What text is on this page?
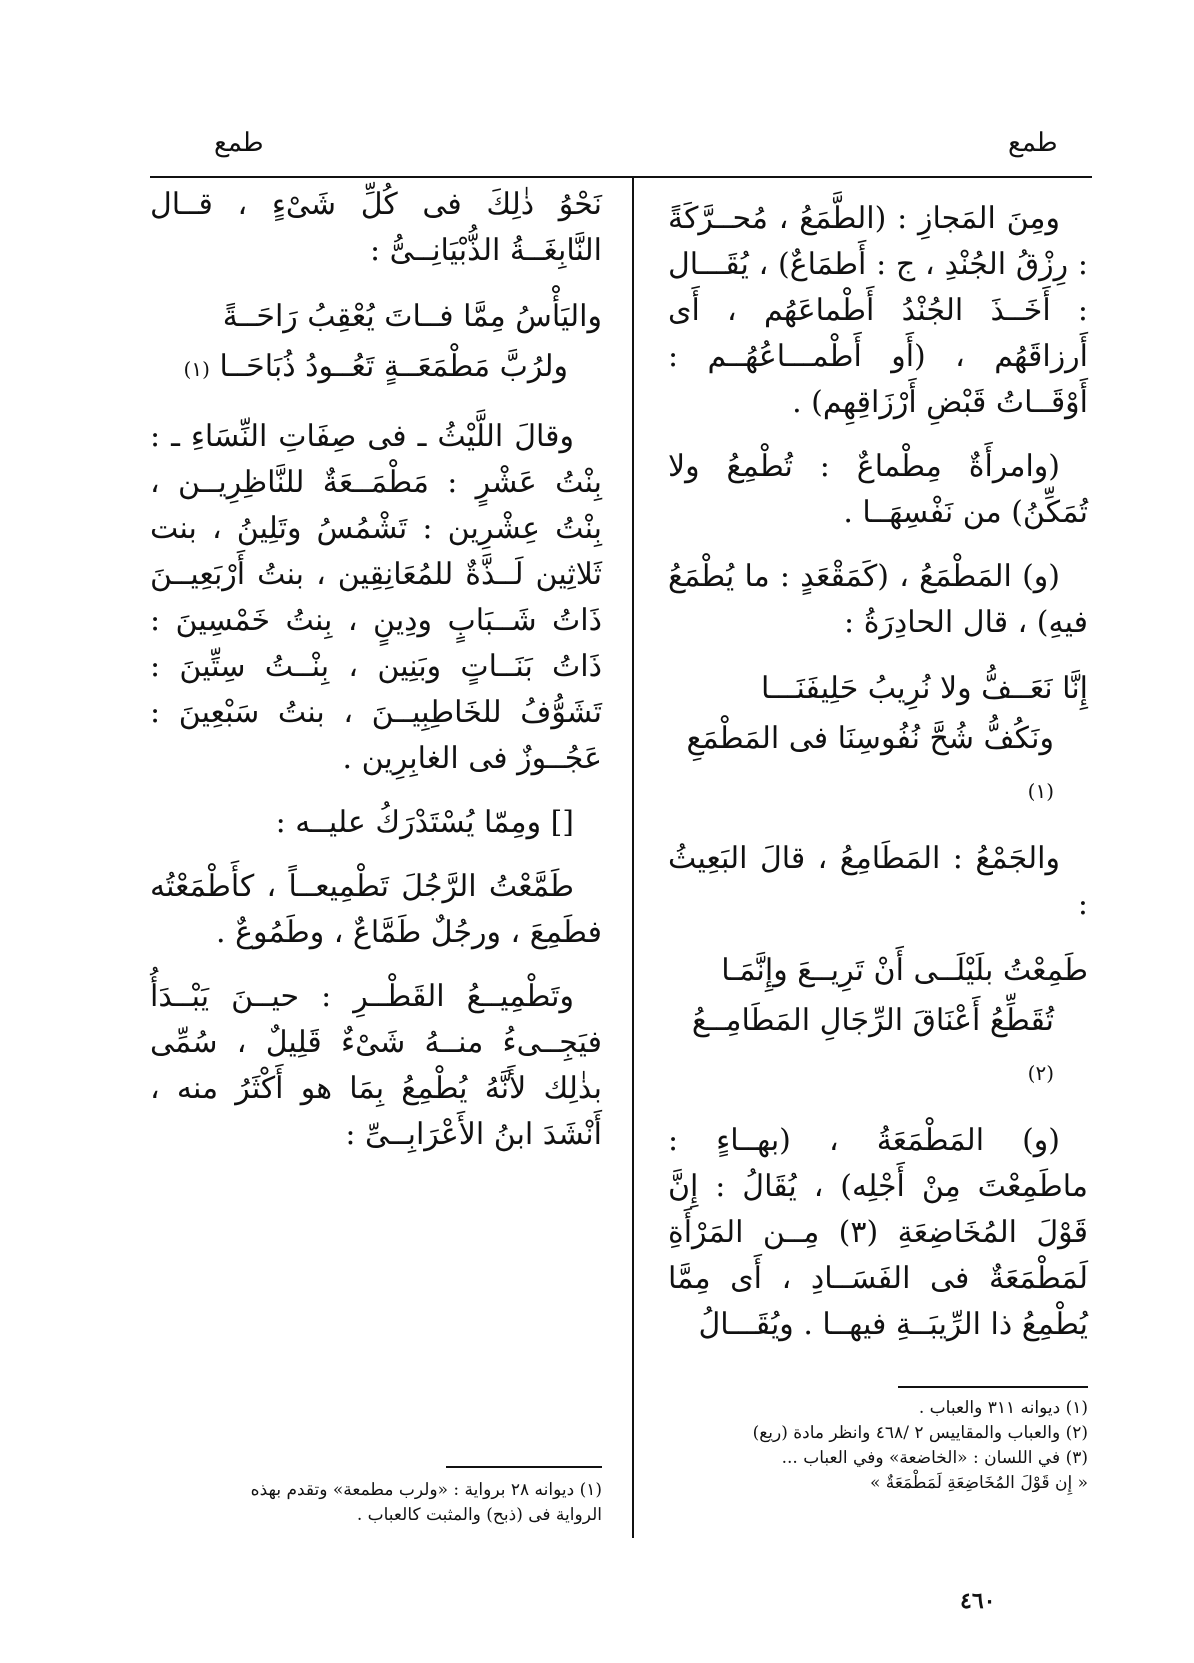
طمع
طمع

ومِنَ المَجازِ : (الطَّمَعُ ، مُحــرَّكَةً : رِزْقُ الجُنْدِ ، ج : أَطمَاعٌ) ، يُقَـــال : أَخَــذَ الجُنْدُ أَطْماعَهُم ، أَى أَرزاقَهُم ، (أَو أَطْمـــاعُهُــم : أَوْقَــاتُ قَبْضِ أَرْزَاقِهِم) .

(وامرأَةٌ مِطْماعٌ : تُطْمِعُ ولا تُمَكِّنُ) من نَفْسِهَــا .

(و) المَطْمَعُ ، (كَمَقْعَدٍ : ما يُطْمَعُ فيهِ) ، قال الحادِرَةُ :

إِنَّا نَعَــفُّ ولا نُرِيبُ حَلِيفَنَـــا
ونَكُفُّ شُحَّ نُفُوسِنَا فى المَطْمَعِ (١)

والجَمْعُ : المَطَامِعُ ، قالَ البَعِيثُ :

طَمِعْتُ بلَيْلَــى أَنْ تَرِيــعَ وإِنَّمَـا
تُقَطِّعُ أَعْنَاقَ الرِّجَالِ المَطَامِــعُ (٢)

(و) المَطْمَعَةُ ، (بهــاءٍ : ماطَمِعْتَ مِنْ أَجْلِه) ، يُقَالُ : إِنَّ قَوْلَ المُخَاضِعَةِ (٣) مِــن المَرْأَةِ لَمَطْمَعَةٌ فى الفَسَــادِ ، أَى مِمَّا يُطْمِعُ ذا الرِّيبَــةِ فيهــا . ويُقَـــالُ

نَحْوُ ذٰلِكَ فى كُلِّ شَىْءٍ ، قــال النَّابِغَــةُ الذُّبْيَانِــىُّ :

واليَأْسُ مِمَّا فــاتَ يُعْقِبُ رَاحَــةً
ولرُبَّ مَطْمَعَــةٍ تَعُــودُ ذُبَاحَــا (١)

وقالَ اللَّيْثُ ـ فى صِفَاتِ النِّسَاءِ ـ : بِنْتُ عَشْرٍ : مَطْمَــعَةٌ للنَّاظِرِيــن ، بِنْتُ عِشْرِين : تَشْمُسُ وتَلِينُ ، بنت ثَلاثِين لَــذَّةٌ للمُعَانِقِين ، بنتُ أَرْبَعِيــنَ ذَاتُ شَــبَابٍ ودِينٍ ، بِنتُ خَمْسِينَ : ذَاتُ بَنَــاتٍ وبَنِين ، بِنْــتُ سِتِّينَ : تَشَوُّفُ للخَاطِبِيــنَ ، بنتُ سَبْعِينَ : عَجُــوزٌ فى الغابِرِين .

[] ومِمّا يُسْتَدْرَكُ عليــه :

طَمَّعْتُ الرَّجُلَ تَطْمِيعــاً ، كأَطْمَعْتُه فطَمِعَ ، ورجُلٌ طَمَّاعٌ ، وطَمُوعٌ .

وتَطْمِيــعُ القَطْــرِ : حيــنَ يَبْــدَأُ فيَجِــىءُ منــهُ شَىْءٌ قَلِيلٌ ، سُمِّى بذٰلِك لأَنَّهُ يُطْمِعُ بِمَا هو أَكْثَرُ منه ، أَنْشَدَ ابنُ الأَعْرَابِــىِّ :

(١) ديوانه ٣١١ والعباب .
(٢) والعباب والمقاييس ٢ /٤٦٨ وانظر مادة (ريع)
(٣) في اللسان : «الخاضعة» وفي العباب ...
« إِن قَوْلَ المُخَاضِعَةِ لَمَطْمَعَةٌ »
(١) ديوانه ٢٨ برواية : «ولرب مطمعة» وتقدم بهذه
الرواية فى (ذبح) والمثبت كالعباب .
٤٦٠
